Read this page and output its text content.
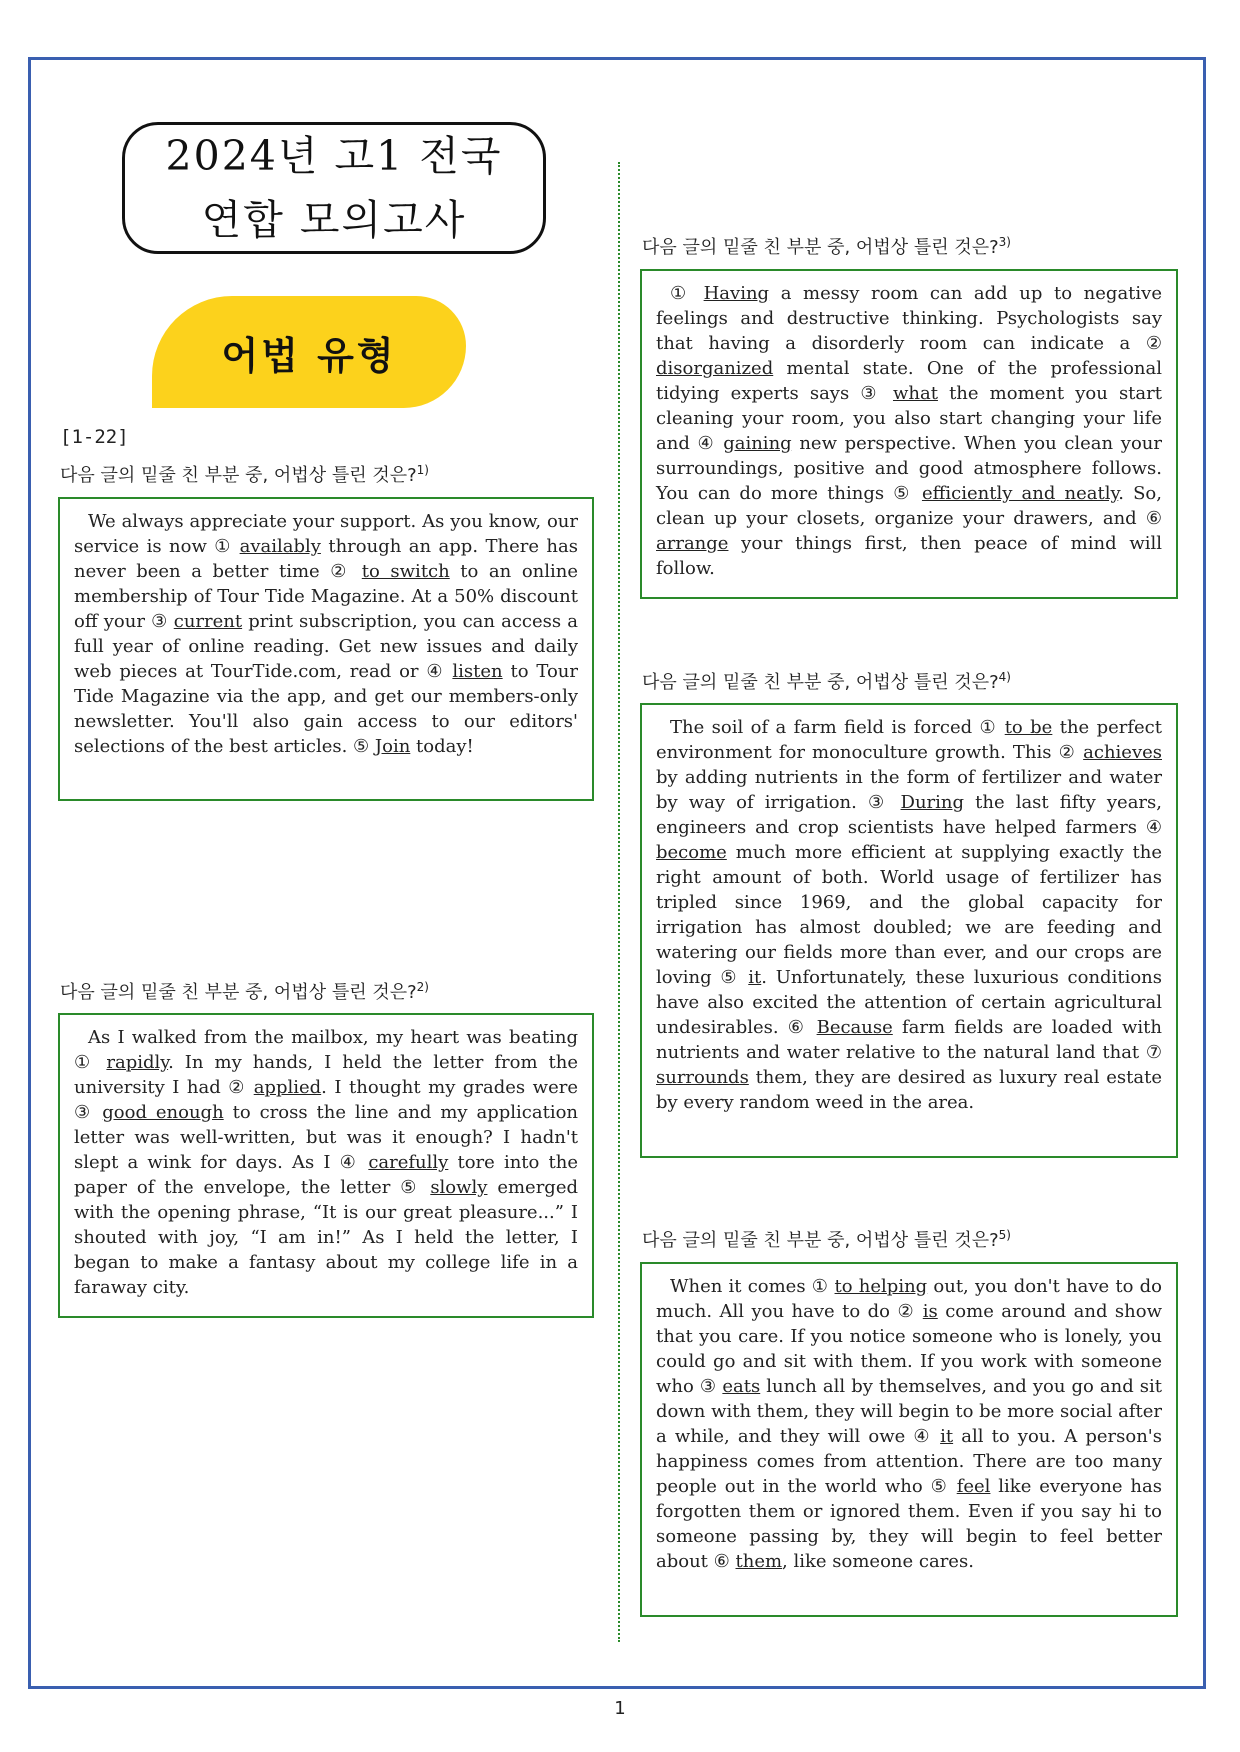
2024년 고1 전국
연합 모의고사
어법 유형
[1-22]
다음 글의 밑줄 친 부분 중, 어법상 틀린 것은?$^{1)}$

We always appreciate your support. As you know, our service is now ① availably through an app. There has never been a better time ② to switch to an online membership of Tour Tide Magazine. At a 50% discount off your ③ current print subscription, you can access a full year of online reading. Get new issues and daily web pieces at TourTide.com, read or ④ listen to Tour Tide Magazine via the app, and get our members-only newsletter. You'll also gain access to our editors' selections of the best articles. ⑤ Join today!

다음 글의 밑줄 친 부분 중, 어법상 틀린 것은?$^{2)}$

As I walked from the mailbox, my heart was beating ① rapidly. In my hands, I held the letter from the university I had ② applied. I thought my grades were ③ good enough to cross the line and my application letter was well-written, but was it enough? I hadn't slept a wink for days. As I ④ carefully tore into the paper of the envelope, the letter ⑤ slowly emerged with the opening phrase, “It is our great pleasure...” I shouted with joy, “I am in!” As I held the letter, I began to make a fantasy about my college life in a faraway city.

다음 글의 밑줄 친 부분 중, 어법상 틀린 것은?$^{3)}$

① Having a messy room can add up to negative feelings and destructive thinking. Psychologists say that having a disorderly room can indicate a ② disorganized mental state. One of the professional tidying experts says ③ what the moment you start cleaning your room, you also start changing your life and ④ gaining new perspective. When you clean your surroundings, positive and good atmosphere follows. You can do more things ⑤ efficiently and neatly. So, clean up your closets, organize your drawers, and ⑥ arrange your things first, then peace of mind will follow.

다음 글의 밑줄 친 부분 중, 어법상 틀린 것은?$^{4)}$

The soil of a farm field is forced ① to be the perfect environment for monoculture growth. This ② achieves by adding nutrients in the form of fertilizer and water by way of irrigation. ③ During the last fifty years, engineers and crop scientists have helped farmers ④ become much more efficient at supplying exactly the right amount of both. World usage of fertilizer has tripled since 1969, and the global capacity for irrigation has almost doubled; we are feeding and watering our fields more than ever, and our crops are loving ⑤ it. Unfortunately, these luxurious conditions have also excited the attention of certain agricultural undesirables. ⑥ Because farm fields are loaded with nutrients and water relative to the natural land that ⑦ surrounds them, they are desired as luxury real estate by every random weed in the area.

다음 글의 밑줄 친 부분 중, 어법상 틀린 것은?$^{5)}$

When it comes ① to helping out, you don't have to do much. All you have to do ② is come around and show that you care. If you notice someone who is lonely, you could go and sit with them. If you work with someone who ③ eats lunch all by themselves, and you go and sit down with them, they will begin to be more social after a while, and they will owe ④ it all to you. A person's happiness comes from attention. There are too many people out in the world who ⑤ feel like everyone has forgotten them or ignored them. Even if you say hi to someone passing by, they will begin to feel better about ⑥ them, like someone cares.

1
